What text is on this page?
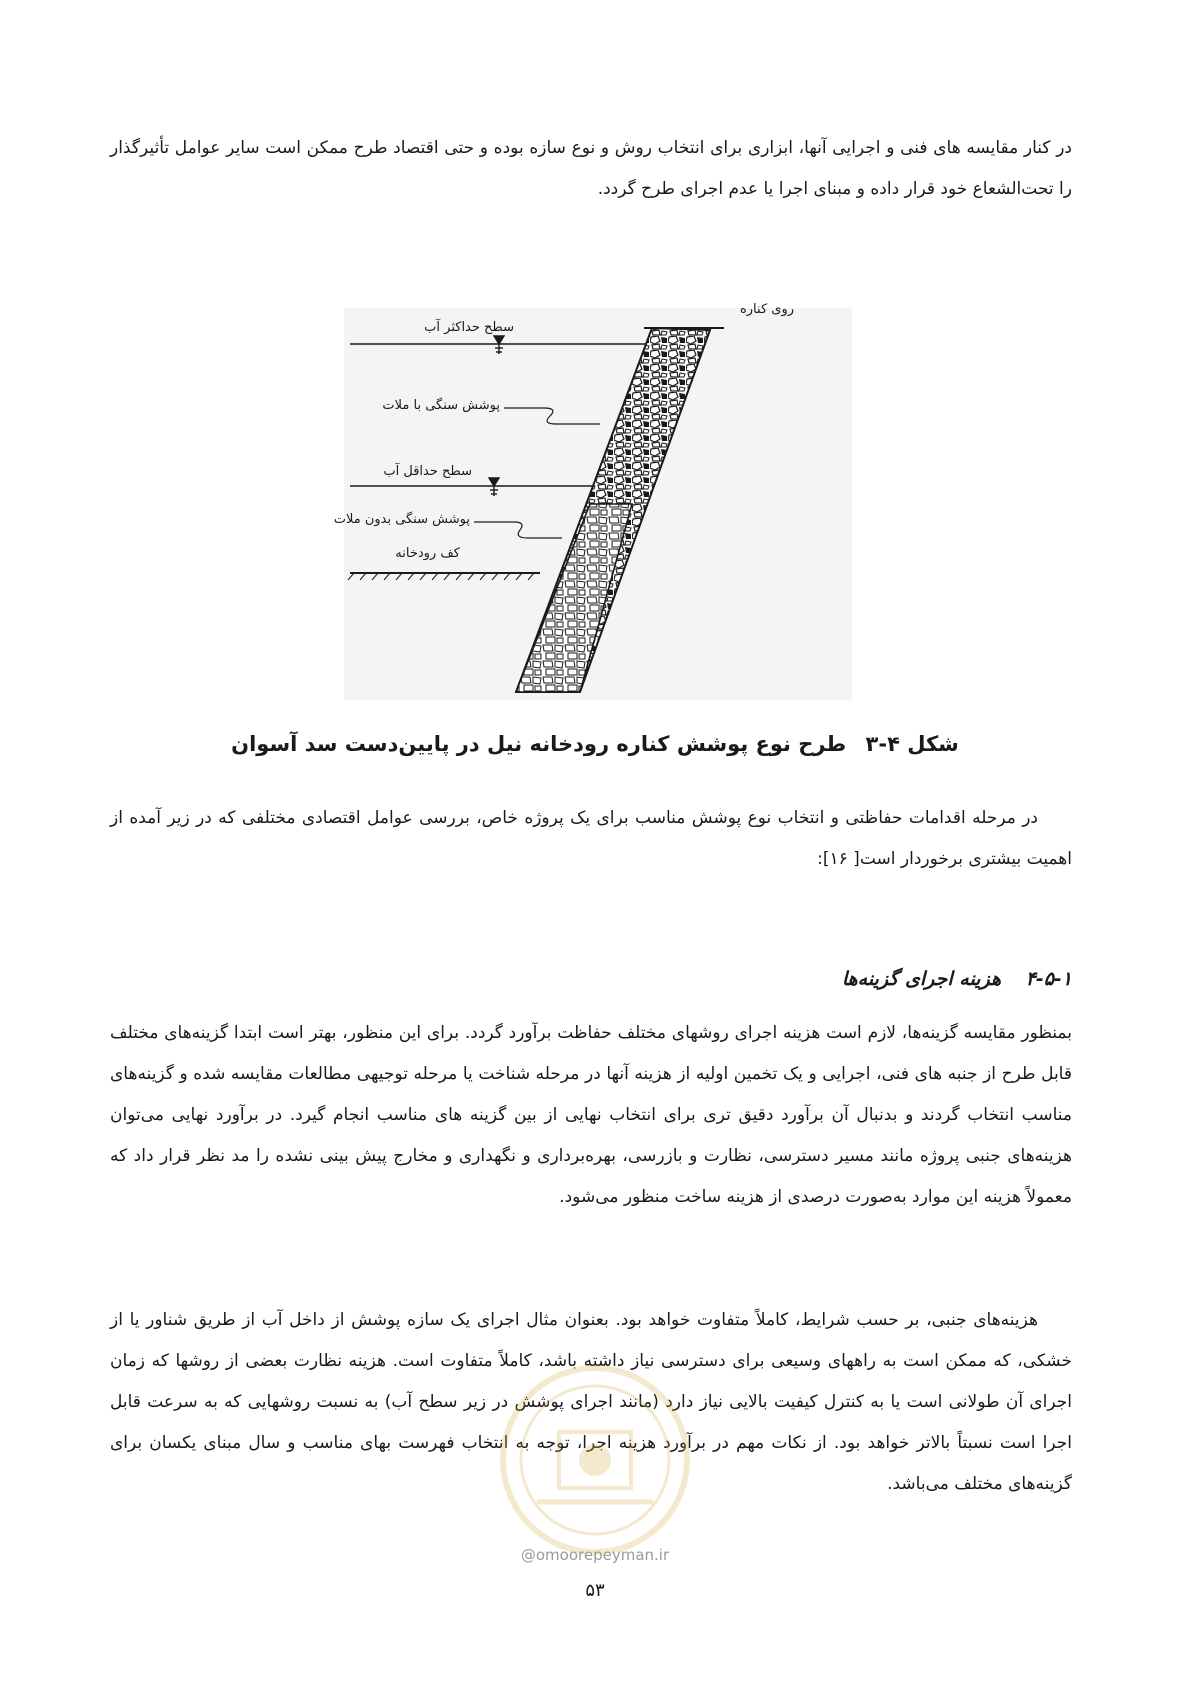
در کنار مقایسه های فنی و اجرایی آنها، ابزاری برای انتخاب روش و نوع سازه بوده و حتی اقتصاد طرح ممکن است سایر عوامل تأثیرگذار را تحت‌الشعاع خود قرار داده و مبنای اجرا یا عدم اجرای طرح گردد.

روی کناره
سطح حداکثر آب
پوشش سنگی با ملات
سطح حداقل آب
پوشش سنگی بدون ملات
کف رودخانه

شکل ۴-۳ طرح نوع پوشش کناره رودخانه نیل در پایین‌دست سد آسوان

در مرحله اقدامات حفاظتی و انتخاب نوع پوشش مناسب برای یک پروژه خاص، بررسی عوامل اقتصادی مختلفی که در زیر آمده از اهمیت بیشتری برخوردار است[ ۱۶]:

۴-۵-۱ هزینه اجرای گزینه‌ها

بمنظور مقایسه گزینه‌ها، لازم است هزینه اجرای روشهای مختلف حفاظت برآورد گردد. برای این منظور، بهتر است ابتدا گزینه‌های مختلف قابل طرح از جنبه های فنی، اجرایی و یک تخمین اولیه از هزینه آنها در مرحله شناخت یا مرحله توجیهی مطالعات مقایسه شده و گزینه‌های مناسب انتخاب گردند و بدنبال آن برآورد دقیق تری برای انتخاب نهایی از بین گزینه های مناسب انجام گیرد. در برآورد نهایی می‌توان هزینه‌های جنبی پروژه مانند مسیر دسترسی، نظارت و بازرسی، بهره‌برداری و نگهداری و مخارج پیش بینی نشده را مد نظر قرار داد که معمولاً هزینه این موارد به‌صورت درصدی از هزینه ساخت منظور می‌شود.

هزینه‌های جنبی، بر حسب شرایط، کاملاً متفاوت خواهد بود. بعنوان مثال اجرای یک سازه پوشش از داخل آب از طریق شناور یا از خشکی، که ممکن است به راههای وسیعی برای دسترسی نیاز داشته باشد، کاملاً متفاوت است. هزینه نظارت بعضی از روشها که زمان اجرای آن طولانی است یا به کنترل کیفیت بالایی نیاز دارد (مانند اجرای پوشش در زیر سطح آب) به نسبت روشهایی که به سرعت قابل اجرا است نسبتاً بالاتر خواهد بود. از نکات مهم در برآورد هزینه اجرا، توجه به انتخاب فهرست بهای مناسب و سال مبنای یکسان برای گزینه‌های مختلف می‌باشد.

@omoorepeyman.ir
۵۳
